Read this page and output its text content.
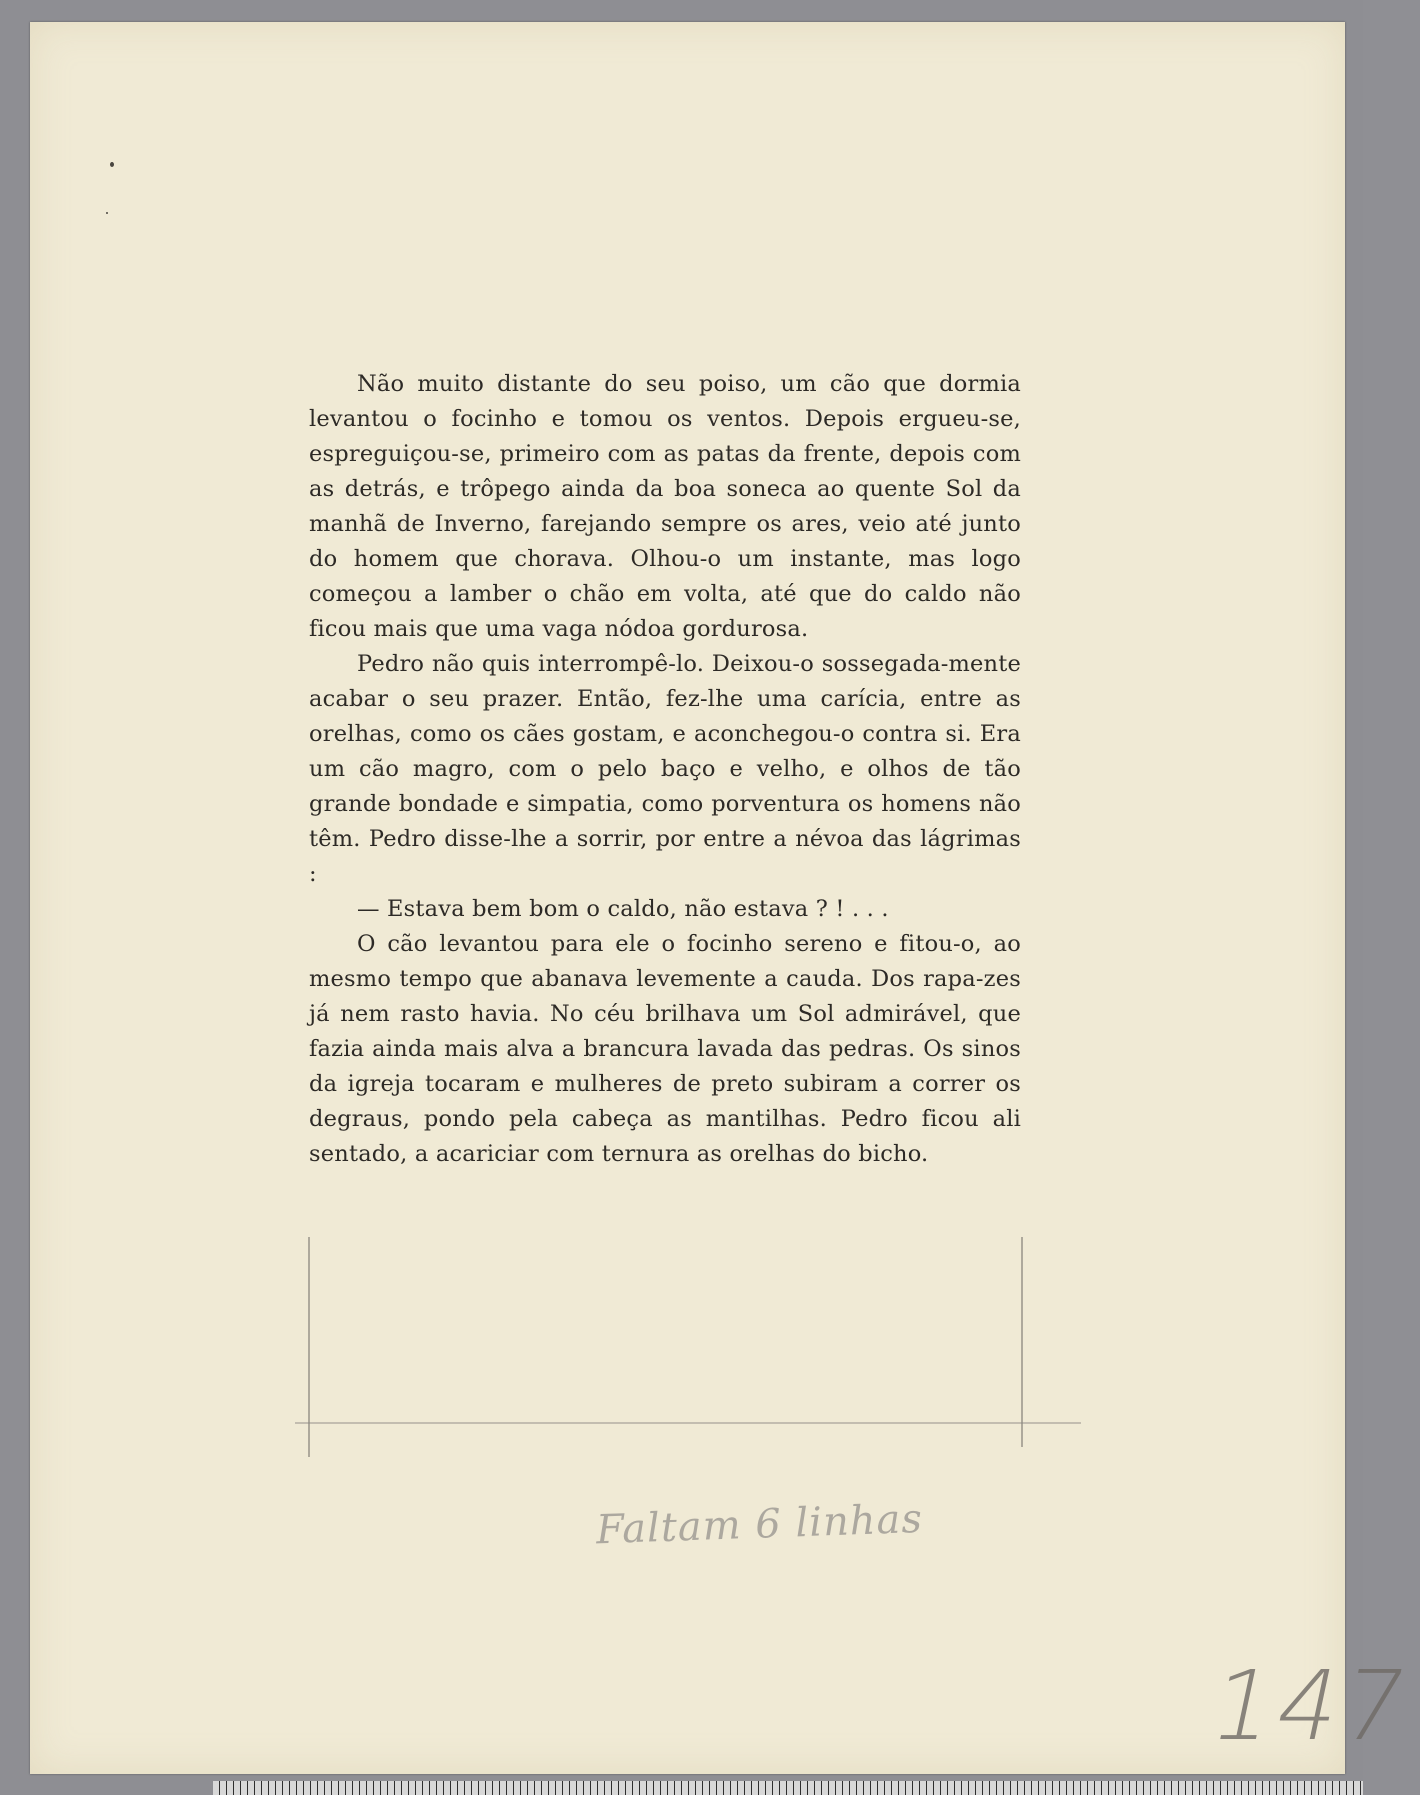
Não muito distante do seu poiso, um cão que dormia levantou o focinho e tomou os ventos. Depois ergueu-se, espreguiçou-se, primeiro com as patas da frente, depois com as detrás, e trôpego ainda da boa soneca ao quente Sol da manhã de Inverno, farejando sempre os ares, veio até junto do homem que chorava. Olhou-o um instante, mas logo começou a lamber o chão em volta, até que do caldo não ficou mais que uma vaga nódoa gordurosa.

Pedro não quis interrompê-lo. Deixou-o sossegada-mente acabar o seu prazer. Então, fez-lhe uma carícia, entre as orelhas, como os cães gostam, e aconchegou-o contra si. Era um cão magro, com o pelo baço e velho, e olhos de tão grande bondade e simpatia, como porventura os homens não têm. Pedro disse-lhe a sorrir, por entre a névoa das lágrimas :

— Estava bem bom o caldo, não estava ? ! . . .

O cão levantou para ele o focinho sereno e fitou-o, ao mesmo tempo que abanava levemente a cauda. Dos rapa-zes já nem rasto havia. No céu brilhava um Sol admirável, que fazia ainda mais alva a brancura lavada das pedras. Os sinos da igreja tocaram e mulheres de preto subiram a correr os degraus, pondo pela cabeça as mantilhas. Pedro ficou ali sentado, a acariciar com ternura as orelhas do bicho.

Faltam 6 linhas
147
